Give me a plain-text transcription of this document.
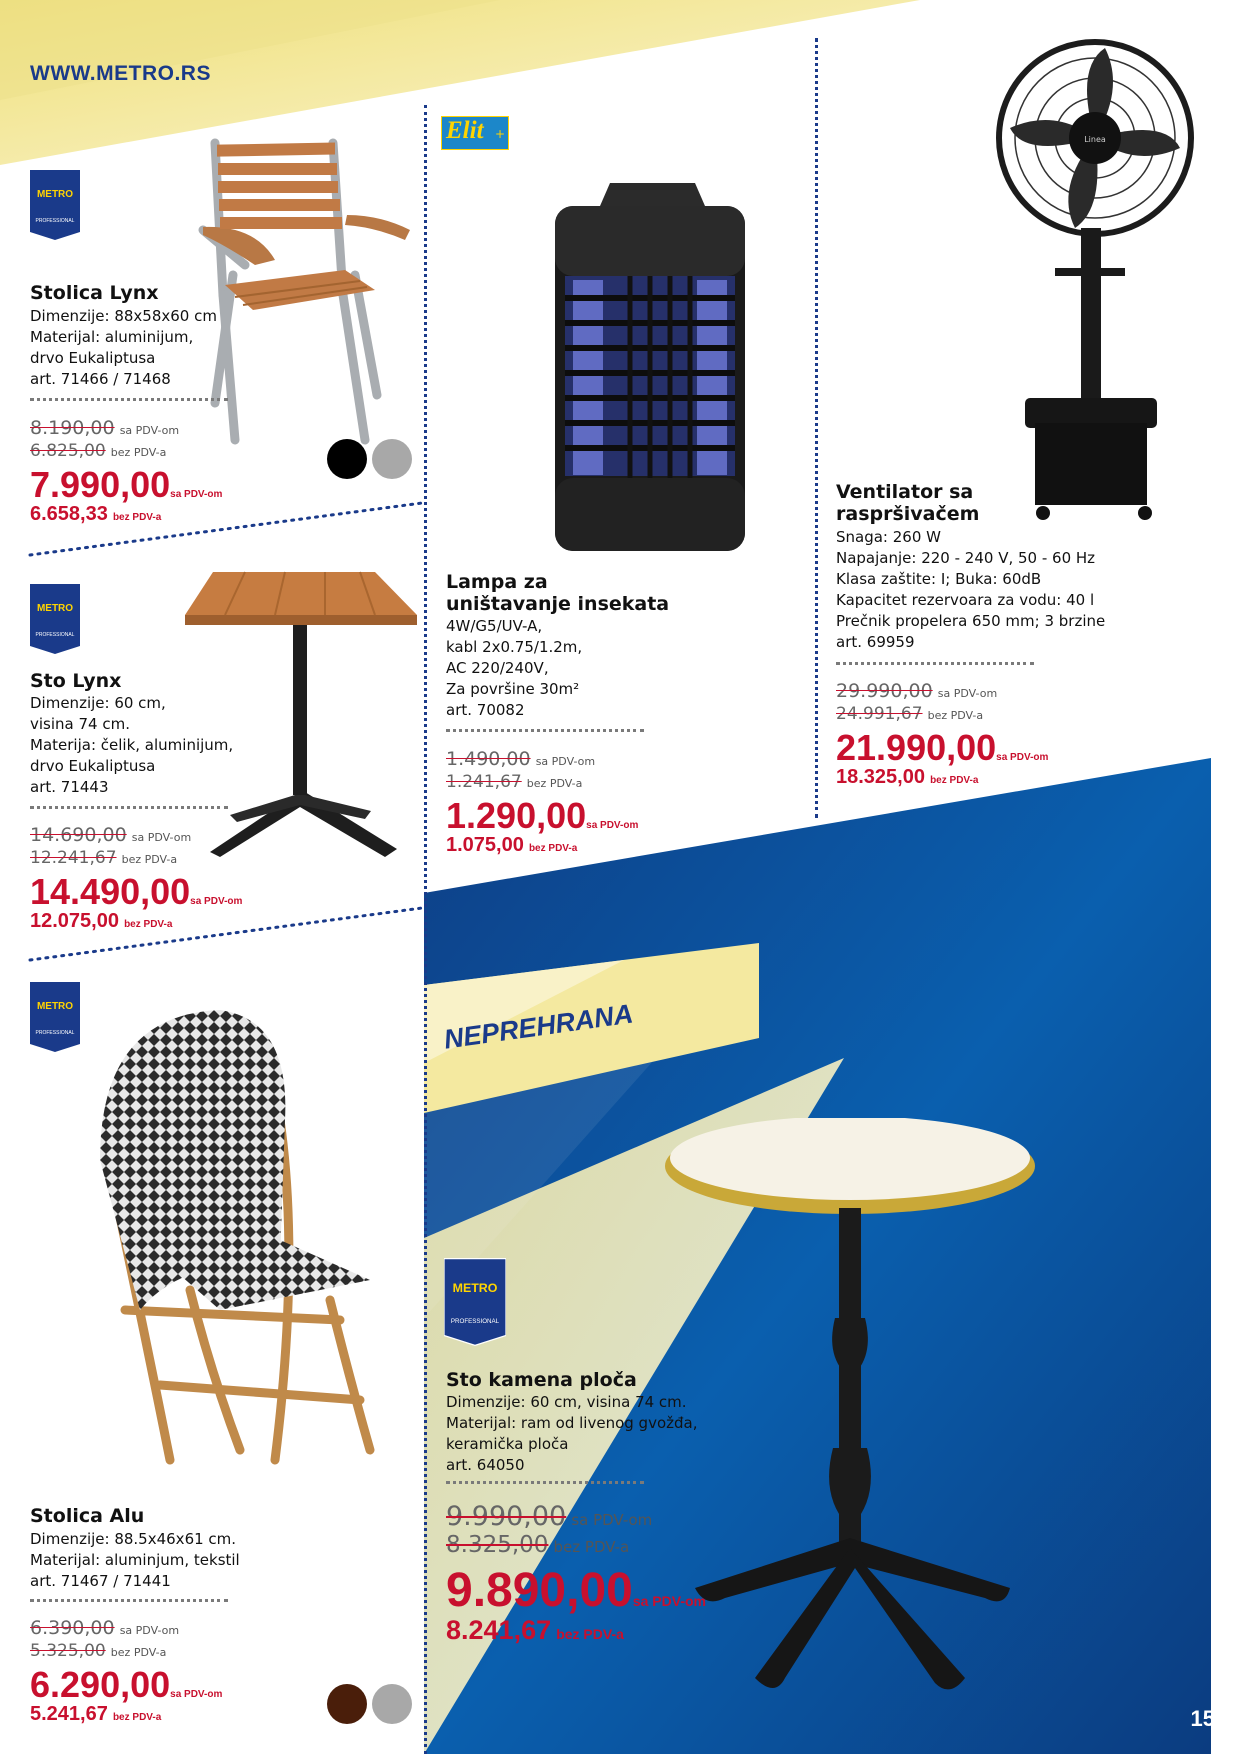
WWW.METRO.RS
NEPREHRANA
METRO
PROFESSIONAL
METRO
PROFESSIONAL
METRO
PROFESSIONAL
METRO
PROFESSIONAL
Elit +	Linea
Stolica Lynx
Dimenzije: 88x58x60 cm
Materijal: aluminijum,
drvo Eukaliptusa
art. 71466 / 71468
8.190,00 sa PDV-om
6.825,00 bez PDV-a
7.990,00sa PDV-om
6.658,33 bez PDV-a
Sto Lynx
Dimenzije: 60 cm,
visina 74 cm.
Materija: čelik, aluminijum,
drvo Eukaliptusa
art. 71443
14.690,00 sa PDV-om
12.241,67 bez PDV-a
14.490,00sa PDV-om
12.075,00 bez PDV-a
Stolica Alu
Dimenzije: 88.5x46x61 cm.
Materijal: aluminjum, tekstil
art. 71467 / 71441
6.390,00 sa PDV-om
5.325,00 bez PDV-a
6.290,00sa PDV-om
5.241,67 bez PDV-a
Lampa za
uništavanje insekata
4W/G5/UV-A,
kabl 2x0.75/1.2m,
AC 220/240V,
Za površine 30m²
art. 70082
1.490,00 sa PDV-om
1.241,67 bez PDV-a
1.290,00sa PDV-om
1.075,00 bez PDV-a
Ventilator sa
raspršivačem
Snaga: 260 W
Napajanje: 220 - 240 V, 50 - 60 Hz
Klasa zaštite: I; Buka: 60dB
Kapacitet rezervoara za vodu: 40 l
Prečnik propelera 650 mm; 3 brzine
art. 69959
29.990,00 sa PDV-om
24.991,67 bez PDV-a
21.990,00sa PDV-om
18.325,00 bez PDV-a
Sto kamena ploča
Dimenzije: 60 cm, visina 74 cm.
Materijal: ram od livenog gvožđa,
keramička ploča
art. 64050
9.990,00 sa PDV-om
8.325,00 bez PDV-a
9.890,00sa PDV-om
8.241,67 bez PDV-a
15
